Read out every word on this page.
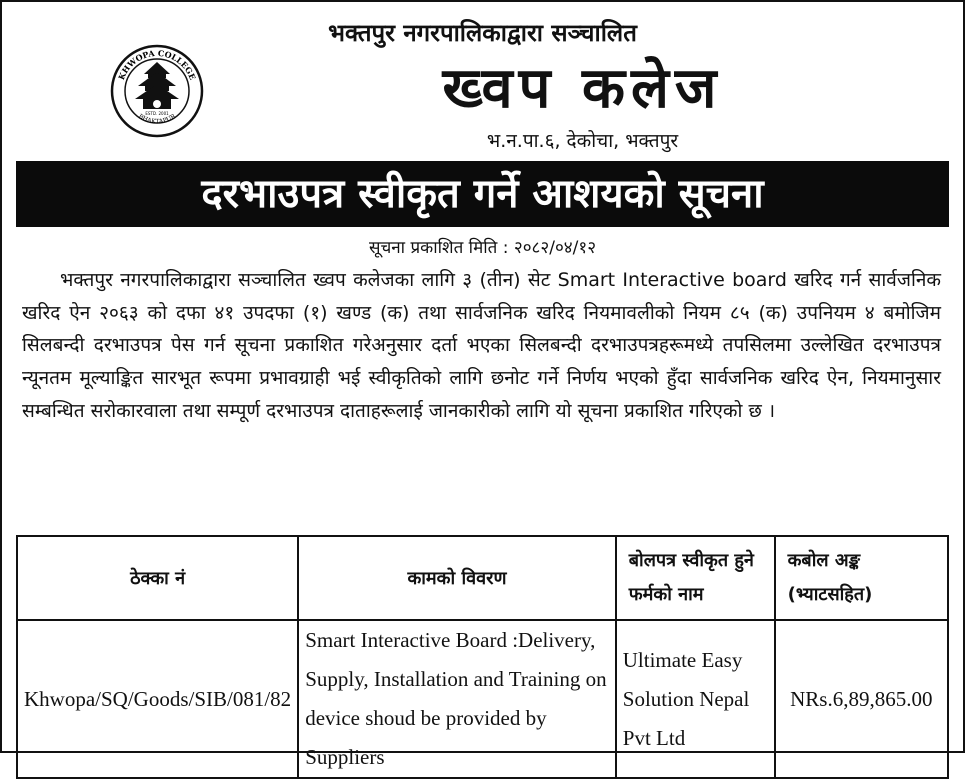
भक्तपुर नगरपालिकाद्वारा सञ्चालित
KHWOPA COLLEGE
BHAKTAPUR
ESTD. 2001	ख्वप कलेज
भ.न.पा.६, देकोचा, भक्तपुर
दरभाउपत्र स्वीकृत गर्ने आशयको सूचना
सूचना प्रकाशित मिति : २०८२/०४/१२
भक्तपुर नगरपालिकाद्वारा सञ्चालित ख्वप कलेजका लागि ३ (तीन) सेट Smart Interactive board खरिद गर्न सार्वजनिक खरिद ऐन २०६३ को दफा ४१ उपदफा (१) खण्ड (क) तथा सार्वजनिक खरिद नियमावलीको नियम ८५ (क) उपनियम ४ बमोजिम सिलबन्दी दरभाउपत्र पेस गर्न सूचना प्रकाशित गरेअनुसार दर्ता भएका सिलबन्दी दरभाउपत्रहरूमध्ये तपसिलमा उल्लेखित दरभाउपत्र न्यूनतम मूल्याङ्कित सारभूत रूपमा प्रभावग्राही भई स्वीकृतिको लागि छनोट गर्ने निर्णय भएको हुँदा सार्वजनिक खरिद ऐन, नियमानुसार सम्बन्धित सरोकारवाला तथा सम्पूर्ण दरभाउपत्र दाताहरूलाई जानकारीको लागि यो सूचना प्रकाशित गरिएको छ ।
ठेक्का नं	कामको विवरण	बोलपत्र स्वीकृत हुने फर्मको नाम	कबोल अङ्क (भ्याटसहित)
Khwopa/SQ/Goods/SIB/081/82	Smart Interactive Board :Delivery, Supply, Installation and Training on device shoud be provided by Suppliers	Ultimate Easy Solution Nepal Pvt Ltd	NRs.6,89,865.00
